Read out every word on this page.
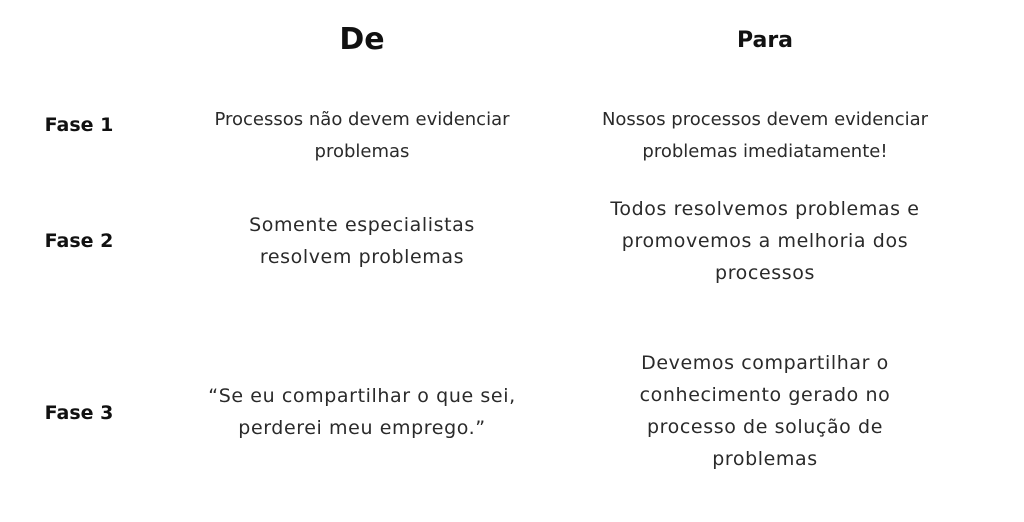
De	Para
Fase 1	Processos não devem evidenciar
problemas
Nossos processos devem evidenciar
problemas imediatamente!
Fase 2
Somente especialistas
resolvem problemas
Todos resolvemos problemas e
promovemos a melhoria dos
processos
Fase 3
“Se eu compartilhar o que sei,
perderei meu emprego.”
Devemos compartilhar o
conhecimento gerado no
processo de solução de
problemas
